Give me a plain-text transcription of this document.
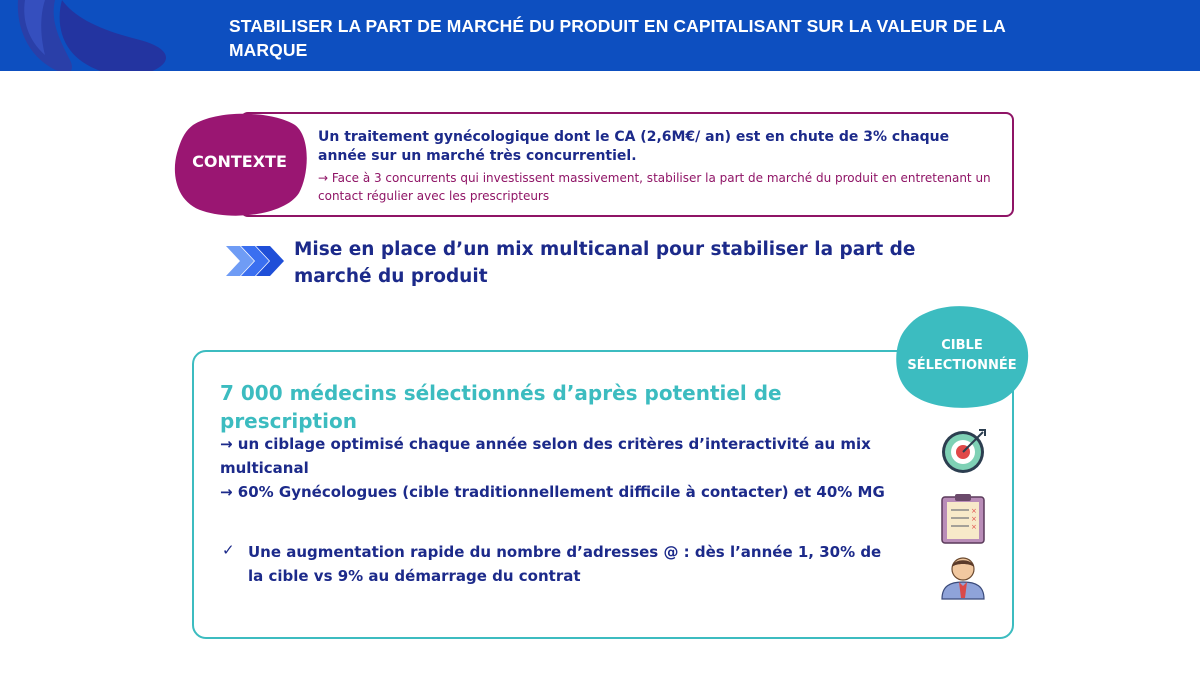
STABILISER LA PART DE MARCHÉ DU PRODUIT EN CAPITALISANT SUR LA VALEUR DE LA MARQUE
CONTEXTE
Un traitement gynécologique dont le CA (2,6M€/ an) est en chute de 3% chaque année sur un marché très concurrentiel.
→ Face à 3 concurrents qui investissent massivement, stabiliser la part de marché du produit en entretenant un contact régulier avec les prescripteurs
Mise en place d’un mix multicanal pour stabiliser la part de marché du produit
CIBLE SÉLECTIONNÉE
7 000 médecins sélectionnés d’après potentiel de prescription

→ un ciblage optimisé chaque année selon des critères d’interactivité au mix multicanal

→ 60% Gynécologues (cible traditionnellement difficile à contacter) et 40% MG

✓ Une augmentation rapide du nombre d’adresses @ : dès l’année 1, 30% de la cible vs 9% au démarrage du contrat
×
×
×
